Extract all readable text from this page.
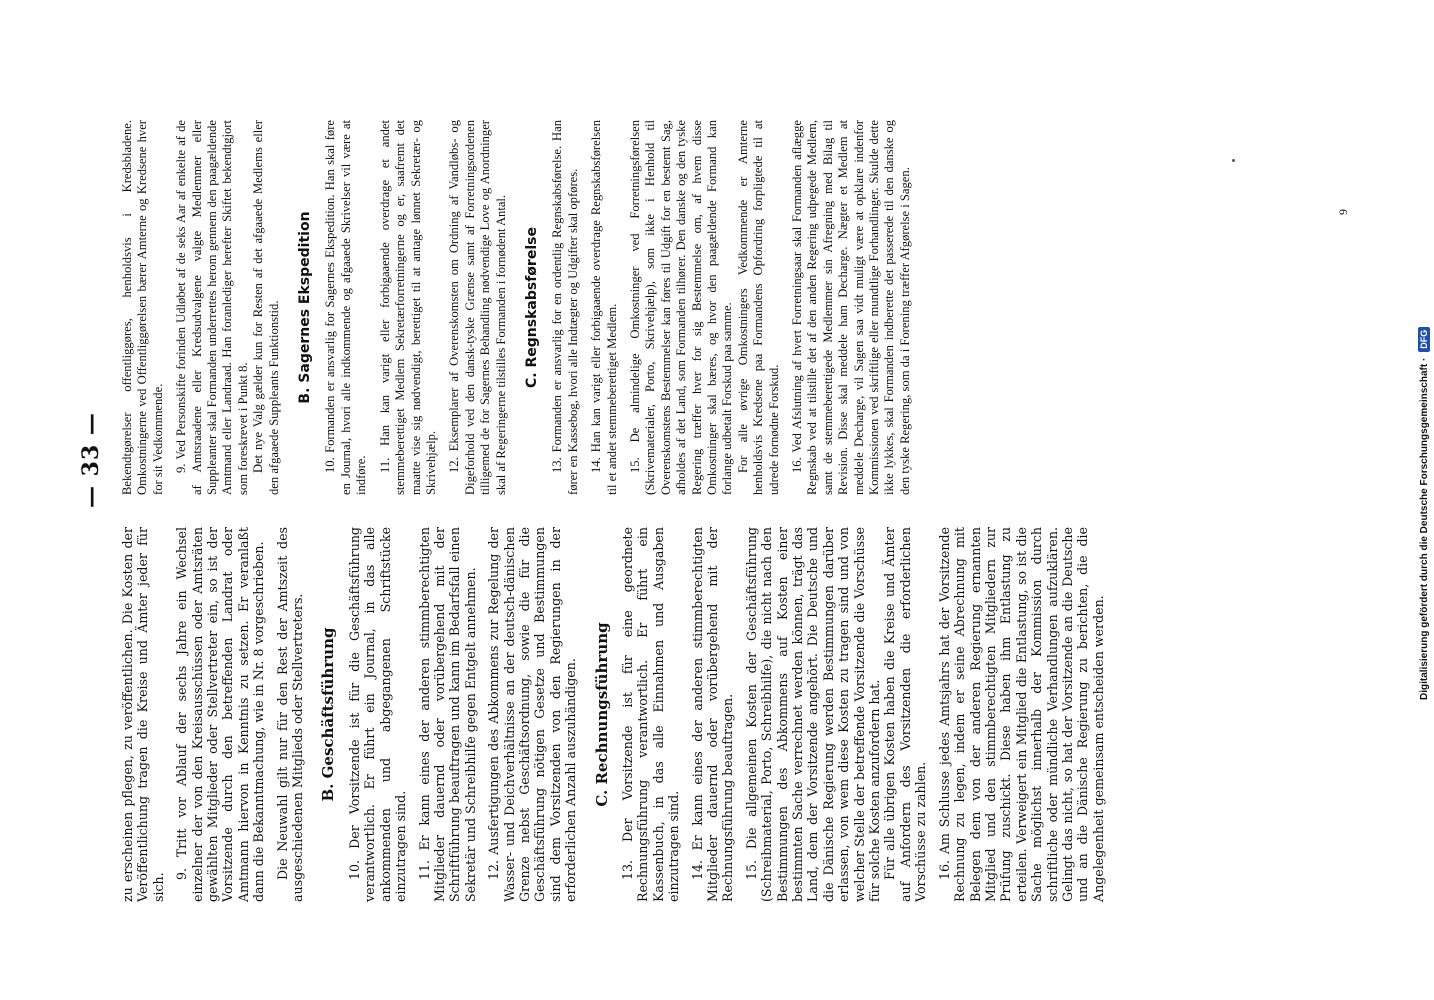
— 33 —

zu erscheinen pflegen, zu veröffentlichen. Die Kosten der Veröffentlichung tragen die Kreise und Ämter jeder für sich.

9. Tritt vor Ablauf der sechs Jahre ein Wechsel einzelner der von den Kreisausschüssen oder Amtsräten gewählten Mitglieder oder Stellvertreter ein, so ist der Vorsitzende durch den betreffenden Landrat oder Amtmann hiervon in Kenntnis zu setzen. Er veranlaßt dann die Bekanntmachung, wie in Nr. 8 vorgeschrieben. Die Neuwahl gilt nur für den Rest der Amtszeit des ausgeschiedenen Mitglieds oder Stellvertreters. B. Geschäftsführung 10. Der Vorsitzende ist für die Geschäftsführung verantwortlich. Er führt ein Journal, in das alle ankommenden und abgegangenen Schriftstücke einzutragen sind. 11. Er kann eines der anderen stimmberechtigten Mitglieder dauernd oder vorübergehend mit der Schriftführung beauftragen und kann im Bedarfsfall einen Sekretär und Schreibhilfe gegen Entgelt annehmen. 12. Ausfertigungen des Abkommens zur Regelung der Wasser- und Deichverhältnisse an der deutsch-dänischen Grenze nebst Geschäftsordnung, sowie die für die Geschäftsführung nötigen Gesetze und Bestimmungen sind dem Vorsitzenden von den Regierungen in der erforderlichen Anzahl auszuhändigen. C. Rechnungsführung 13. Der Vorsitzende ist für eine geordnete Rechnungsführung verantwortlich. Er führt ein Kassenbuch, in das alle Einnahmen und Ausgaben einzutragen sind. 14. Er kann eines der anderen stimmberechtigten Mitglieder dauernd oder vorübergehend mit der Rechnungsführung beauftragen. 15. Die allgemeinen Kosten der Geschäftsführung (Schreibmaterial, Porto, Schreibhilfe), die nicht nach den Bestimmungen des Abkommens auf Kosten einer bestimmten Sache verrechnet werden können, trägt das Land, dem der Vorsitzende angehört. Die Deutsche und die Dänische Regierung werden Bestimmungen darüber erlassen, von wem diese Kosten zu tragen sind und von welcher Stelle der betreffende Vorsitzende die Vorschüsse für solche Kosten anzufordern hat. Für alle übrigen Kosten haben die Kreise und Ämter auf Anfordern des Vorsitzenden die erforderlichen Vorschüsse zu zahlen. 16. Am Schlusse jedes Amtsjahrs hat der Vorsitzende Rechnung zu legen, indem er seine Abrechnung mit Belegen dem von der anderen Regierung ernannten Mitglied und den stimmberechtigten Mitgliedern zur Prüfung zuschickt. Diese haben ihm Entlastung zu erteilen. Verweigert ein Mitglied die Entlastung, so ist die Sache möglichst innerhalb der Kommission durch schriftliche oder mündliche Verhandlungen aufzuklären. Gelingt das nicht, so hat der Vorsitzende an die Deutsche und an die Dänische Regierung zu berichten, die die Angelegenheit gemeinsam entscheiden werden.

Bekendtgørelser offentliggøres, henholdsvis i Kredsbladene. Omkostningerne ved Offentliggørelsen bærer Amterne og Kredsene hver for sit Vedkommende. 9. Ved Personskifte forinden Udløbet af de seks Aar af enkelte af de af Amtsraadene eller Kredsudvalgene valgte Medlemmer eller Suppleanter skal Formanden underrettes herom gennem den paagældende Amtmand eller Landraad. Han foranlediger herefter Skiftet bekendtgjort som foreskrevet i Punkt 8. Det nye Valg gælder kun for Resten af det afgaaede Medlems eller den afgaaede Suppleants Funktionstid. B. Sagernes Ekspedition 10. Formanden er ansvarlig for Sagernes Ekspedition. Han skal føre en Journal, hvori alle indkommende og afgaaede Skrivelser vil være at indføre.

11. Han kan varigt eller forbigaaende overdrage et andet stemmeberettiget Medlem Sekretærforretningerne og er, saafremt det maatte vise sig nødvendigt, berettiget til at antage lønnet Sekretær- og Skrivehjælp. 12. Eksemplarer af Overenskomsten om Ordning af Vandløbs- og Digeforhold ved den dansk-tyske Grænse samt af Forretningsordenen tilligemed de for Sagernes Behandling nødvendige Love og Anordninger skal af Regeringerne tilstilles Formanden i fornødent Antal. C. Regnskabsførelse 13. Formanden er ansvarlig for en ordentlig Regnskabsførelse. Han fører en Kassebog, hvori alle Indtægter og Udgifter skal opføres. 14. Han kan varigt eller forbigaaende overdrage Regnskabsførelsen til et andet stemmeberettiget Medlem. 15. De almindelige Omkostninger ved Forretningsførelsen (Skrivematerialer, Porto, Skrivehjælp), som ikke i Henhold til Overenskomstens Bestemmelser kan føres til Udgift for en bestemt Sag, afholdes af det Land, som Formanden tilhører. Den danske og den tyske Regering træffer hver for sig Bestemmelse om, af hvem disse Omkostninger skal bæres, og hvor den paagældende Formand kan forlange udbetalt Forskud paa samme. For alle øvrige Omkostningers Vedkommende er Amterne henholdsvis Kredsene paa Formandens Opfordring forpligtede til at udrede fornødne Forskud. 16. Ved Afslutning af hvert Forretningsaar skal Formanden aflægge Regnskab ved at tilstille det af den anden Regering udpegede Medlem, samt de stemmeberettigede Medlemmer sin Afregning med Bilag til Revision. Disse skal meddele ham Decharge. Nægter et Medlem at meddele Decharge, vil Sagen saa vidt muligt være at opklare indenfor Kommissionen ved skriftlige eller mundtlige Forhandlinger. Skulde dette ikke lykkes, skal Formanden indberette det passerede til den danske og den tyske Regering, som da i Forening træffer Afgørelse i Sagen.	9
Digitalisierung gefördert durch die Deutsche Forschungsgemeinschaft ·
DFG
